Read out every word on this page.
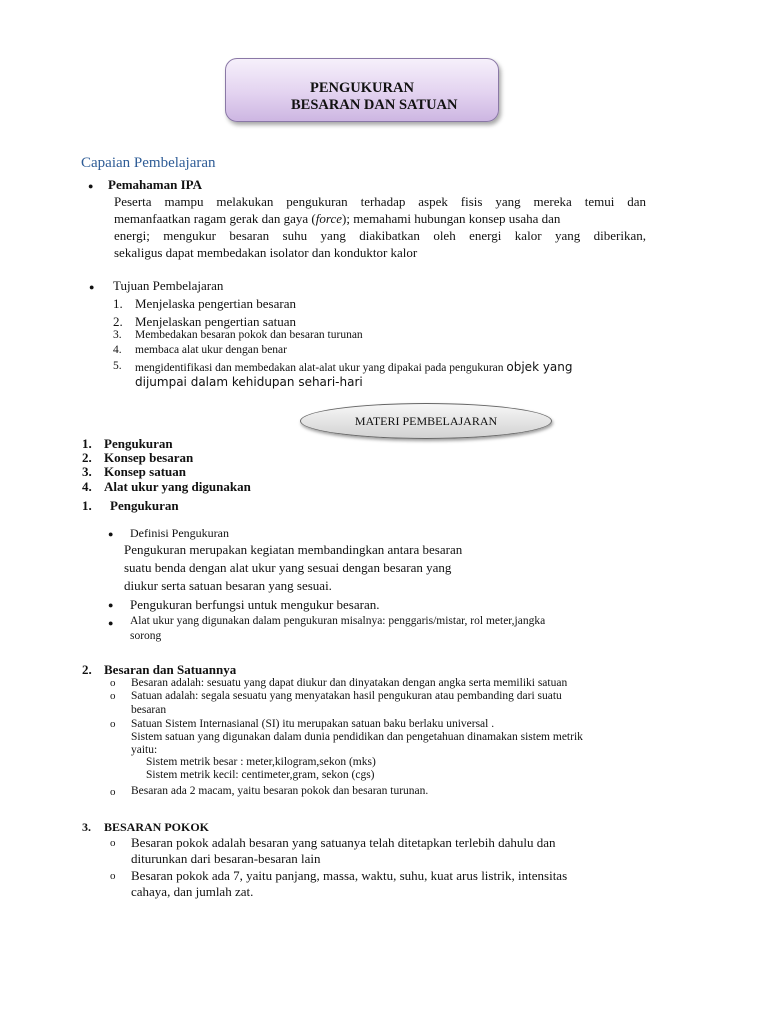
PENGUKURAN
BESARAN DAN SATUAN
Capaian Pembelajaran
● Pemahaman IPA
Peserta mampu melakukan pengukuran terhadap aspek fisis yang mereka temui dan
memanfaatkan ragam gerak dan gaya (force); memahami hubungan konsep usaha dan
energi; mengukur besaran suhu yang diakibatkan oleh energi kalor yang diberikan,
sekaligus dapat membedakan isolator dan konduktor kalor
● Tujuan Pembelajaran
1. Menjelaska pengertian besaran
2. Menjelaskan pengertian satuan
3. Membedakan besaran pokok dan besaran turunan
4. membaca alat ukur dengan benar
5. mengidentifikasi dan membedakan alat-alat ukur yang dipakai pada pengukuran objek yang
dijumpai dalam kehidupan sehari-hari
MATERI PEMBELAJARAN
1. Pengukuran
2. Konsep besaran
3. Konsep satuan
4. Alat ukur yang digunakan
1. Pengukuran
● Definisi Pengukuran
Pengukuran merupakan kegiatan membandingkan antara besaran
suatu benda dengan alat ukur yang sesuai dengan besaran yang
diukur serta satuan besaran yang sesuai.
● Pengukuran berfungsi untuk mengukur besaran.
● Alat ukur yang digunakan dalam pengukuran misalnya: penggaris/mistar, rol meter,jangka
sorong
2. Besaran dan Satuannya
o Besaran adalah: sesuatu yang dapat diukur dan dinyatakan dengan angka serta memiliki satuan
o Satuan adalah: segala sesuatu yang menyatakan hasil pengukuran atau pembanding dari suatu
besaran
o Satuan Sistem Internasianal (SI) itu merupakan satuan baku berlaku universal .
Sistem satuan yang digunakan dalam dunia pendidikan dan pengetahuan dinamakan sistem metrik
yaitu:
Sistem metrik besar : meter,kilogram,sekon (mks)
Sistem metrik kecil: centimeter,gram, sekon (cgs)
o Besaran ada 2 macam, yaitu besaran pokok dan besaran turunan.
3. BESARAN POKOK
o Besaran pokok adalah besaran yang satuanya telah ditetapkan terlebih dahulu dan
diturunkan dari besaran-besaran lain
o Besaran pokok ada 7, yaitu panjang, massa, waktu, suhu, kuat arus listrik, intensitas
cahaya, dan jumlah zat.
